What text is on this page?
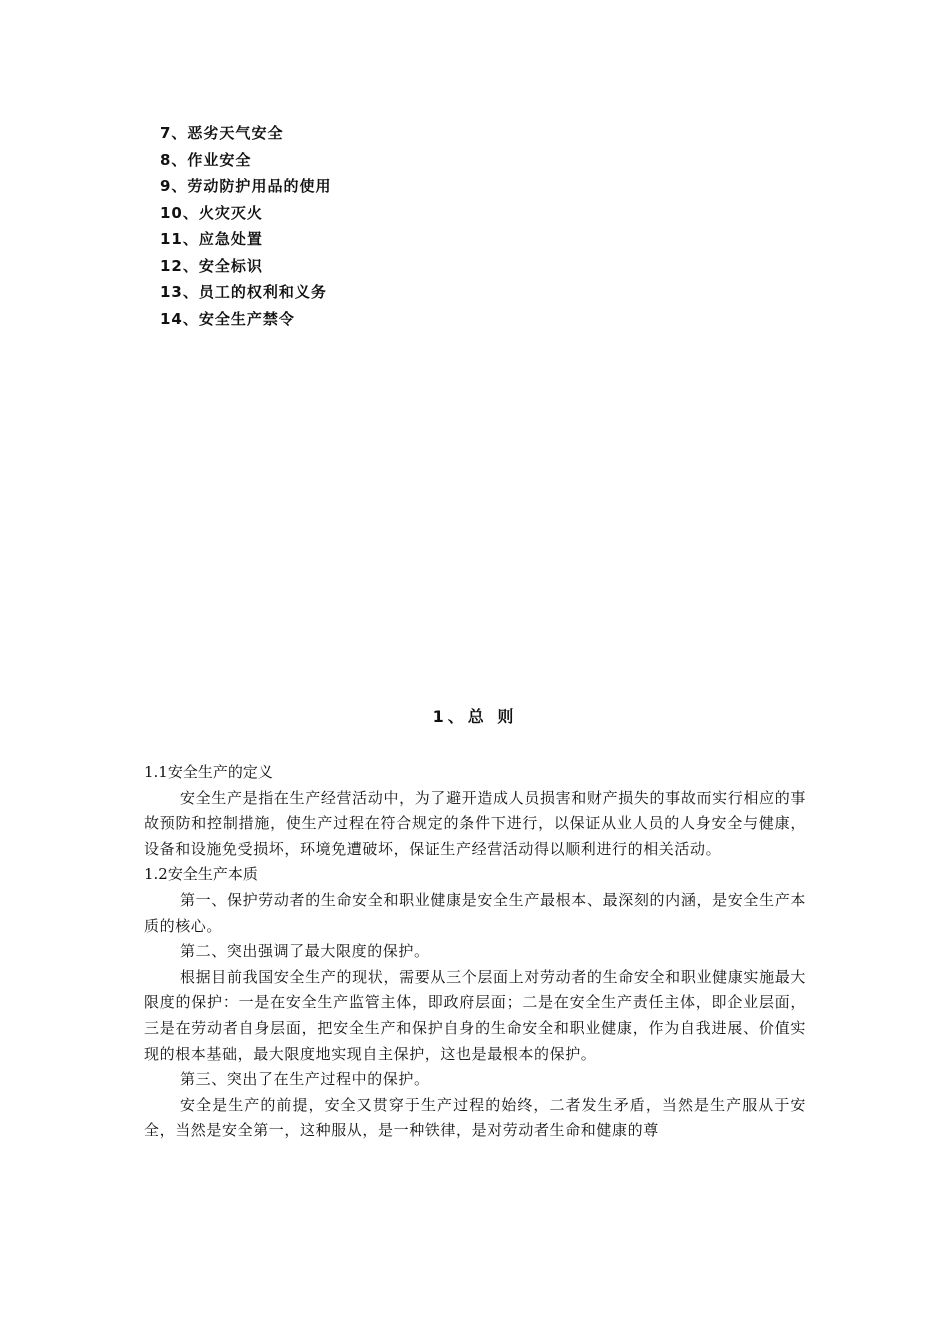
7、恶劣天气安全
8、作业安全
9、劳动防护用品的使用
10、火灾灭火
11、应急处置
12、安全标识
13、员工的权利和义务
14、安全生产禁令
1、总 则

1.1安全生产的定义

安全生产是指在生产经营活动中，为了避开造成人员损害和财产损失的事故而实行相应的事故预防和控制措施，使生产过程在符合规定的条件下进行，以保证从业人员的人身安全与健康，设备和设施免受损坏，环境免遭破坏，保证生产经营活动得以顺利进行的相关活动。

1.2安全生产本质

第一、保护劳动者的生命安全和职业健康是安全生产最根本、最深刻的内涵，是安全生产本质的核心。

第二、突出强调了最大限度的保护。

根据目前我国安全生产的现状，需要从三个层面上对劳动者的生命安全和职业健康实施最大限度的保护：一是在安全生产监管主体，即政府层面；二是在安全生产责任主体，即企业层面，三是在劳动者自身层面，把安全生产和保护自身的生命安全和职业健康，作为自我进展、价值实现的根本基础，最大限度地实现自主保护，这也是最根本的保护。

第三、突出了在生产过程中的保护。

安全是生产的前提，安全又贯穿于生产过程的始终，二者发生矛盾，当然是生产服从于安全，当然是安全第一，这种服从，是一种铁律，是对劳动者生命和健康的尊
